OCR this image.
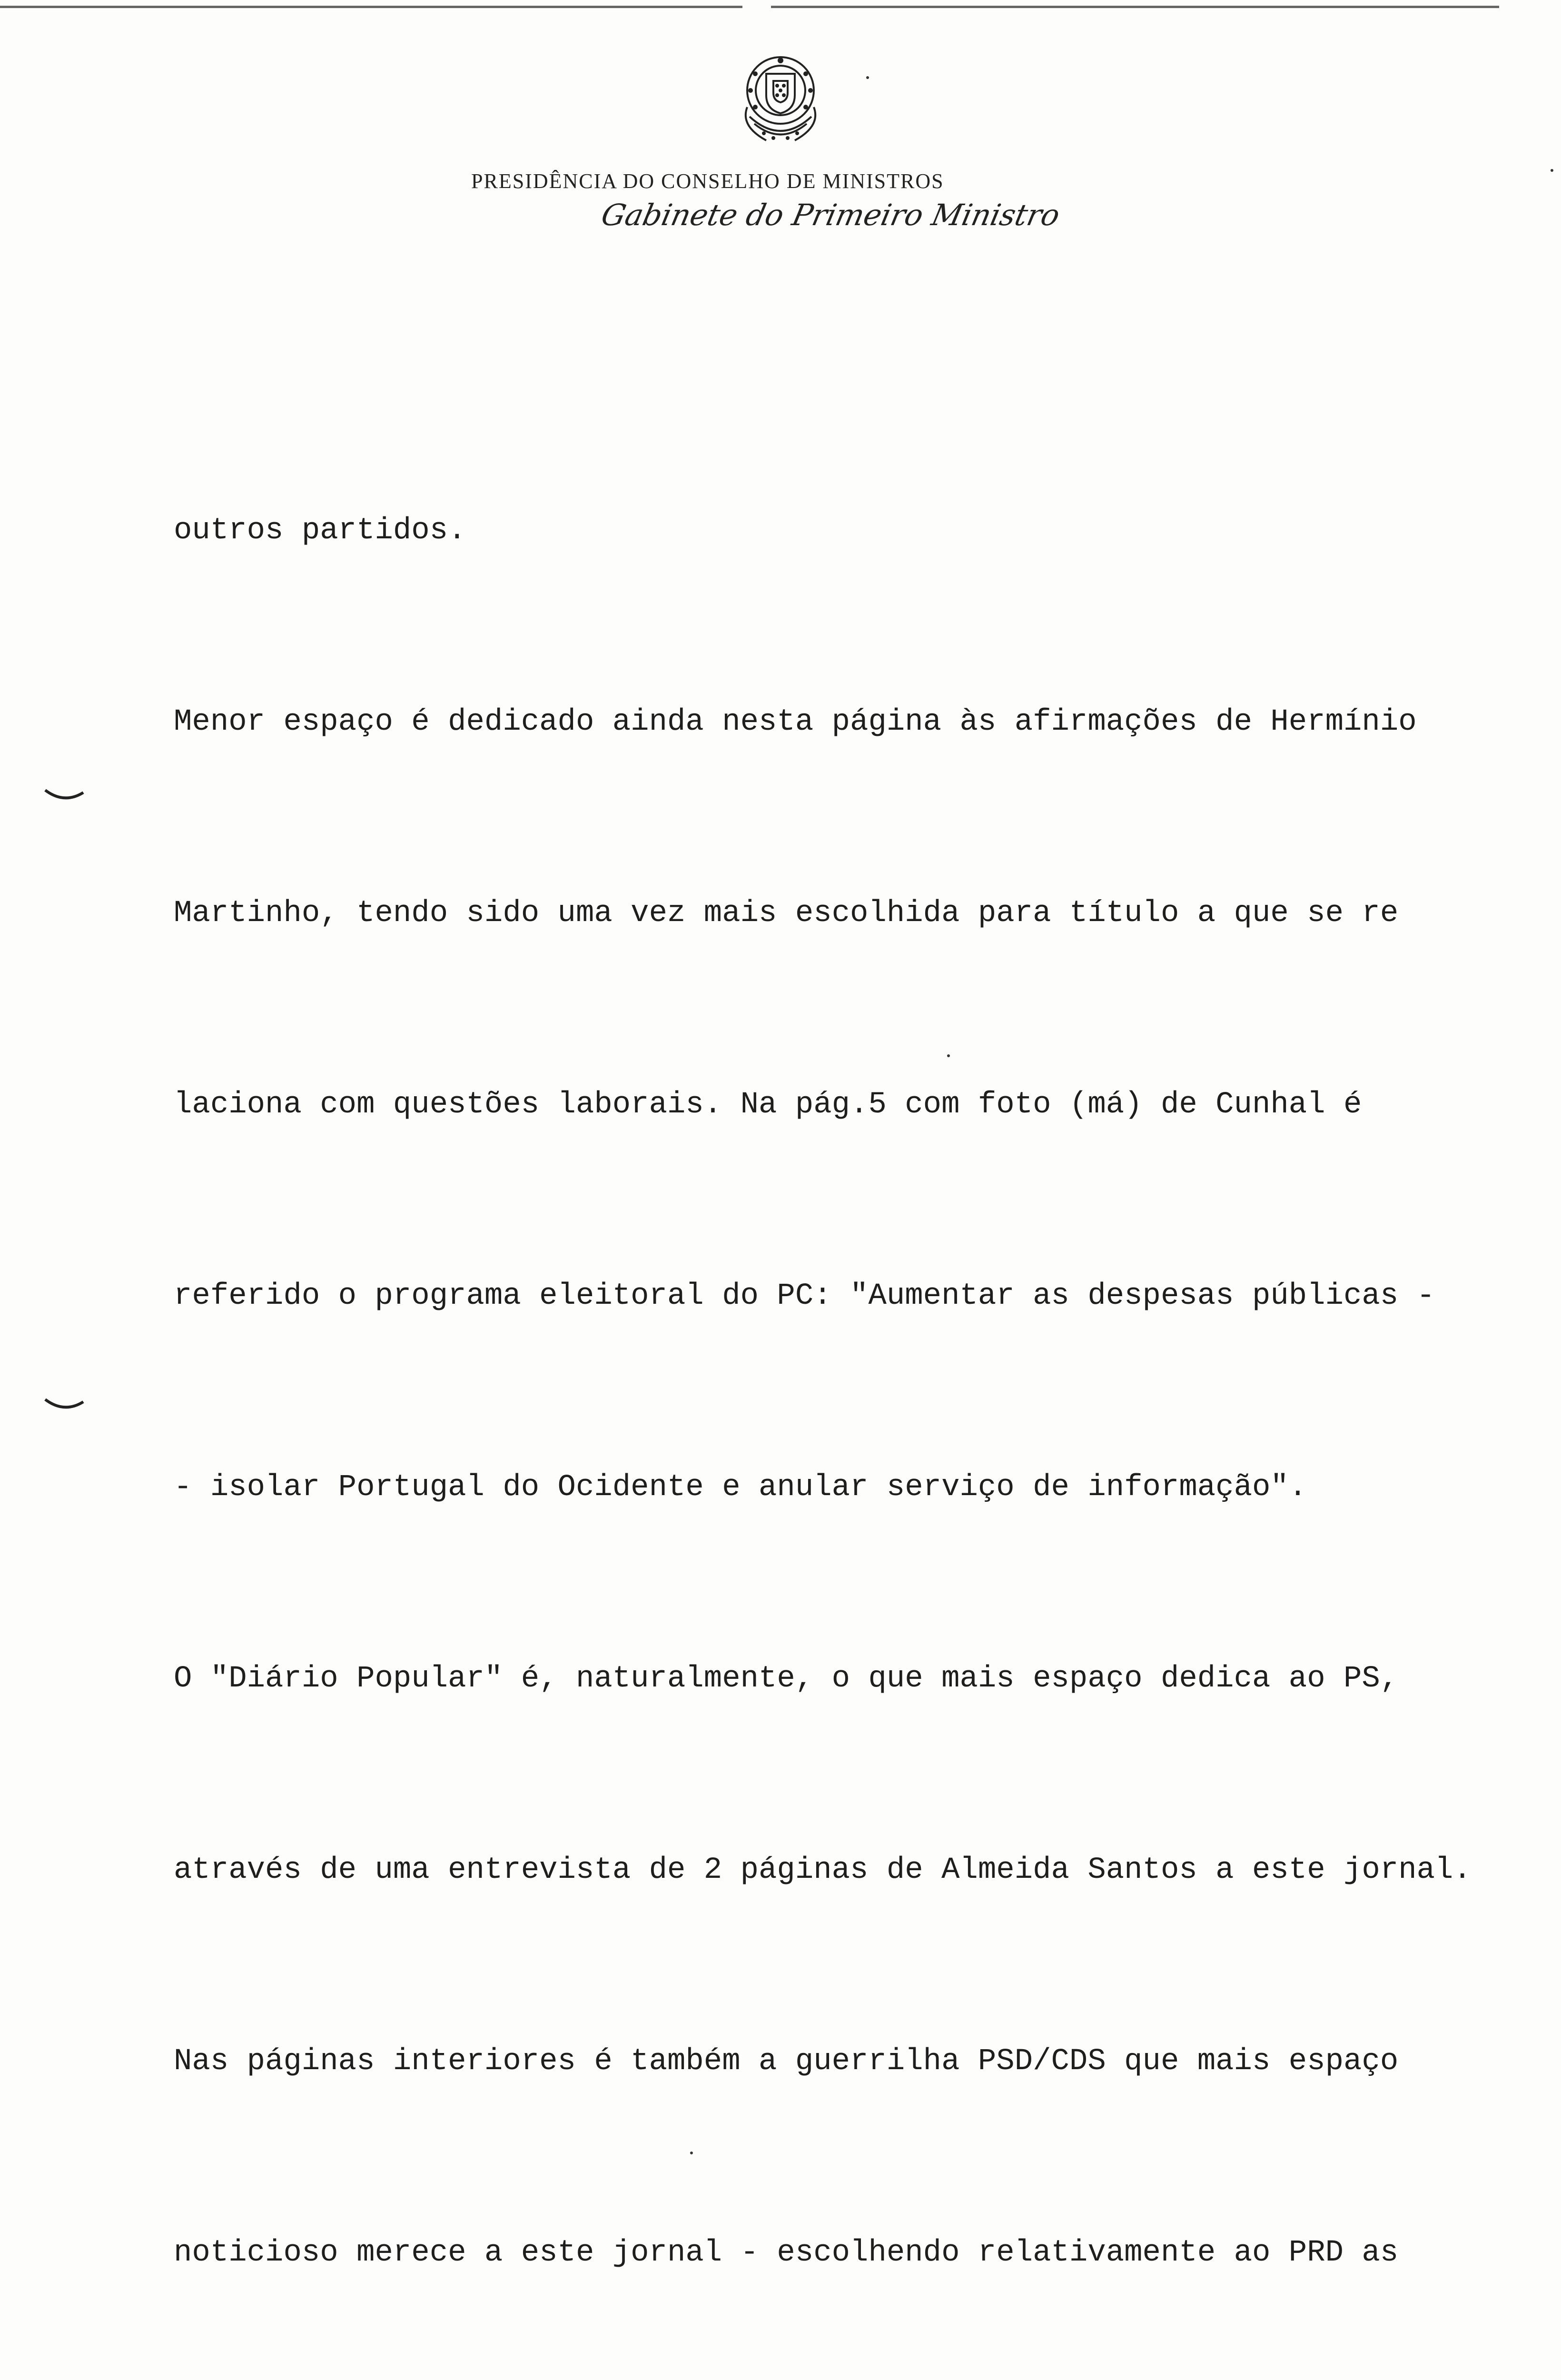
PRESIDÊNCIA DO CONSELHO DE MINISTROS
Gabinete do Primeiro Ministro

outros partidos.

Menor espaço é dedicado ainda nesta página às afirmações de Hermínio

Martinho, tendo sido uma vez mais escolhida para título a que se re

laciona com questões laborais. Na pág.5 com foto (má) de Cunhal é

referido o programa eleitoral do PC: "Aumentar as despesas públicas -

- isolar Portugal do Ocidente e anular serviço de informação".

O "Diário Popular" é, naturalmente, o que mais espaço dedica ao PS,

através de uma entrevista de 2 páginas de Almeida Santos a este jornal.

Nas páginas interiores é também a guerrilha PSD/CDS que mais espaço

noticioso merece a este jornal - escolhendo relativamente ao PRD as
